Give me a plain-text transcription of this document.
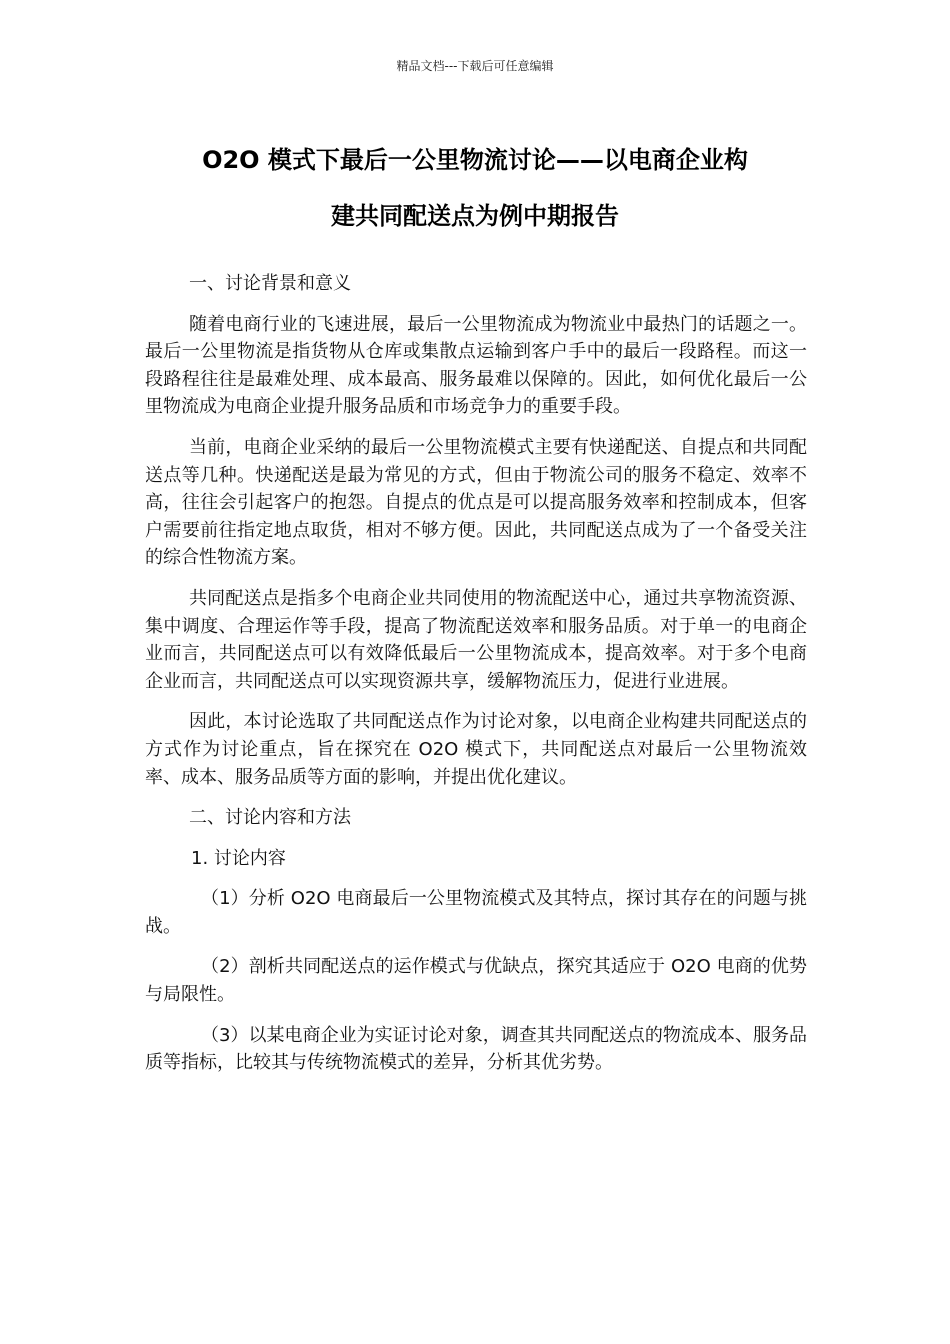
精品文档---下载后可任意编辑
O2O 模式下最后一公里物流讨论——以电商企业构
建共同配送点为例中期报告

一、讨论背景和意义

随着电商行业的飞速进展，最后一公里物流成为物流业中最热门的话题之一。最后一公里物流是指货物从仓库或集散点运输到客户手中的最后一段路程。而这一段路程往往是最难处理、成本最高、服务最难以保障的。因此，如何优化最后一公里物流成为电商企业提升服务品质和市场竞争力的重要手段。

当前，电商企业采纳的最后一公里物流模式主要有快递配送、自提点和共同配送点等几种。快递配送是最为常见的方式，但由于物流公司的服务不稳定、效率不高，往往会引起客户的抱怨。自提点的优点是可以提高服务效率和控制成本，但客户需要前往指定地点取货，相对不够方便。因此，共同配送点成为了一个备受关注的综合性物流方案。

共同配送点是指多个电商企业共同使用的物流配送中心，通过共享物流资源、集中调度、合理运作等手段，提高了物流配送效率和服务品质。对于单一的电商企业而言，共同配送点可以有效降低最后一公里物流成本，提高效率。对于多个电商企业而言，共同配送点可以实现资源共享，缓解物流压力，促进行业进展。

因此，本讨论选取了共同配送点作为讨论对象，以电商企业构建共同配送点的方式作为讨论重点，旨在探究在 O2O 模式下，共同配送点对最后一公里物流效率、成本、服务品质等方面的影响，并提出优化建议。

二、讨论内容和方法

1. 讨论内容

（1）分析 O2O 电商最后一公里物流模式及其特点，探讨其存在的问题与挑战。

（2）剖析共同配送点的运作模式与优缺点，探究其适应于 O2O 电商的优势与局限性。

（3）以某电商企业为实证讨论对象，调查其共同配送点的物流成本、服务品质等指标，比较其与传统物流模式的差异，分析其优劣势。
